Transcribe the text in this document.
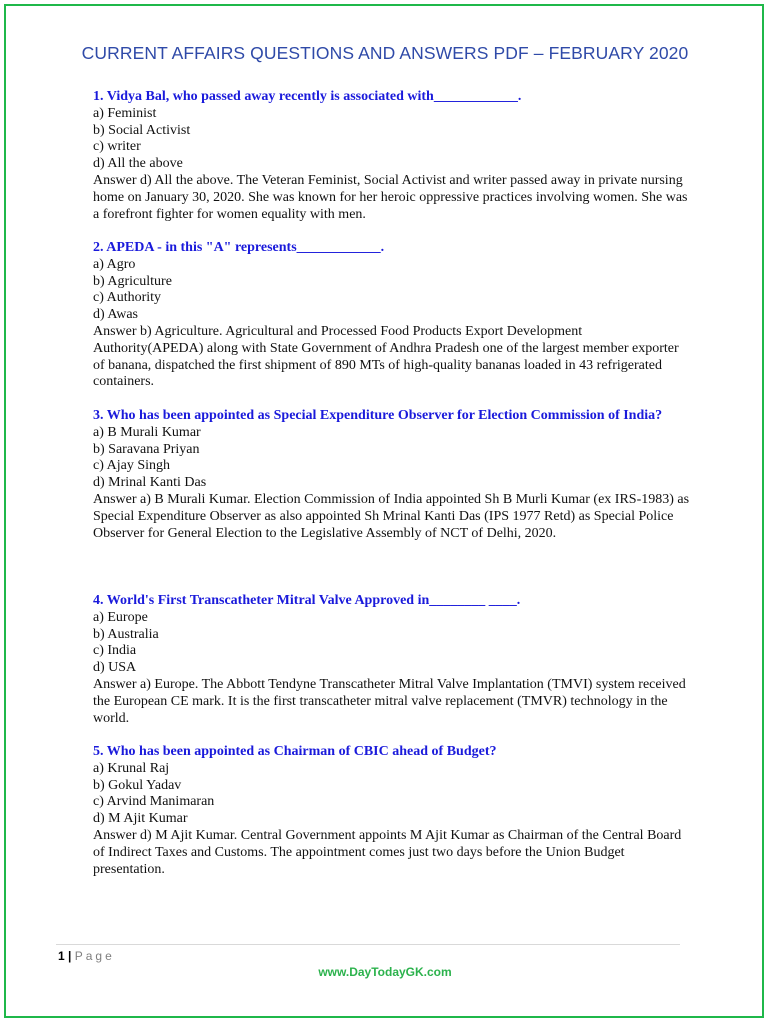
CURRENT AFFAIRS QUESTIONS AND ANSWERS PDF – FEBRUARY 2020
1. Vidya Bal, who passed away recently is associated with____________.
a) Feminist
b) Social Activist
c) writer
d) All the above
Answer d) All the above. The Veteran Feminist, Social Activist and writer passed away in private nursing home on January 30, 2020. She was known for her heroic oppressive practices involving women. She was a forefront fighter for women equality with men.
2. APEDA - in this "A" represents____________.
a) Agro
b) Agriculture
c) Authority
d) Awas
Answer b) Agriculture. Agricultural and Processed Food Products Export Development Authority(APEDA) along with State Government of Andhra Pradesh one of the largest member exporter of banana, dispatched the first shipment of 890 MTs of high-quality bananas loaded in 43 refrigerated containers.
3. Who has been appointed as Special Expenditure Observer for Election Commission of India?
a) B Murali Kumar
b) Saravana Priyan
c) Ajay Singh
d) Mrinal Kanti Das
Answer a) B Murali Kumar. Election Commission of India appointed Sh B Murli Kumar (ex IRS-1983) as Special Expenditure Observer as also appointed Sh Mrinal Kanti Das (IPS 1977 Retd) as Special Police Observer for General Election to the Legislative Assembly of NCT of Delhi, 2020.
4. World's First Transcatheter Mitral Valve Approved in________ ____.
a) Europe
b) Australia
c) India
d) USA
Answer a) Europe. The Abbott Tendyne Transcatheter Mitral Valve Implantation (TMVI) system received the European CE mark. It is the first transcatheter mitral valve replacement (TMVR) technology in the world.
5. Who has been appointed as Chairman of CBIC ahead of Budget?
a) Krunal Raj
b) Gokul Yadav
c) Arvind Manimaran
d) M Ajit Kumar
Answer d) M Ajit Kumar. Central Government appoints M Ajit Kumar as Chairman of the Central Board of Indirect Taxes and Customs. The appointment comes just two days before the Union Budget presentation.
1 | Page
www.DayTodayGK.com
